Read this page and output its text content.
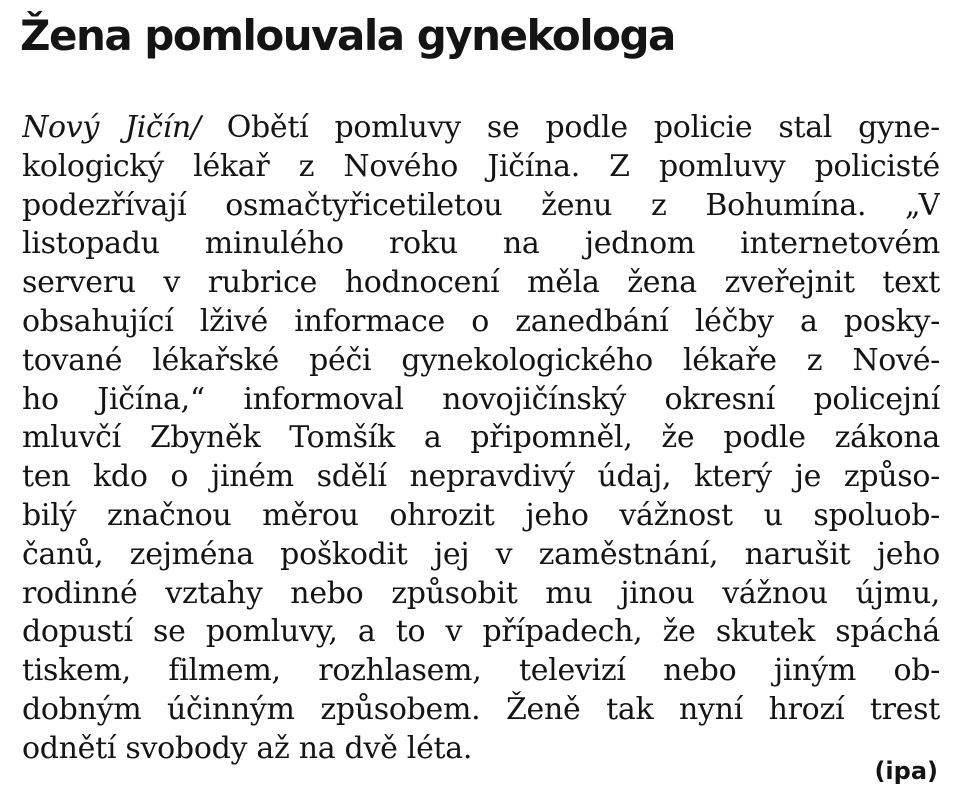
Žena pomlouvala gynekologa
Nový Jičín/ Obětí pomluvy se podle policie stal gyne-
kologický lékař z Nového Jičína. Z pomluvy policisté
podezřívají osmačtyřicetiletou ženu z Bohumína. „V
listopadu minulého roku na jednom internetovém
serveru v rubrice hodnocení měla žena zveřejnit text
obsahující lživé informace o zanedbání léčby a posky-
tované lékařské péči gynekologického lékaře z Nové-
ho Jičína,“ informoval novojičínský okresní policejní
mluvčí Zbyněk Tomšík a připomněl, že podle zákona
ten kdo o jiném sdělí nepravdivý údaj, který je způso-
bilý značnou měrou ohrozit jeho vážnost u spoluob-
čanů, zejména poškodit jej v zaměstnání, narušit jeho
rodinné vztahy nebo způsobit mu jinou vážnou újmu,
dopustí se pomluvy, a to v případech, že skutek spáchá
tiskem, filmem, rozhlasem, televizí nebo jiným ob-
dobným účinným způsobem. Ženě tak nyní hrozí trest
odnětí svobody až na dvě léta.
(ipa)
